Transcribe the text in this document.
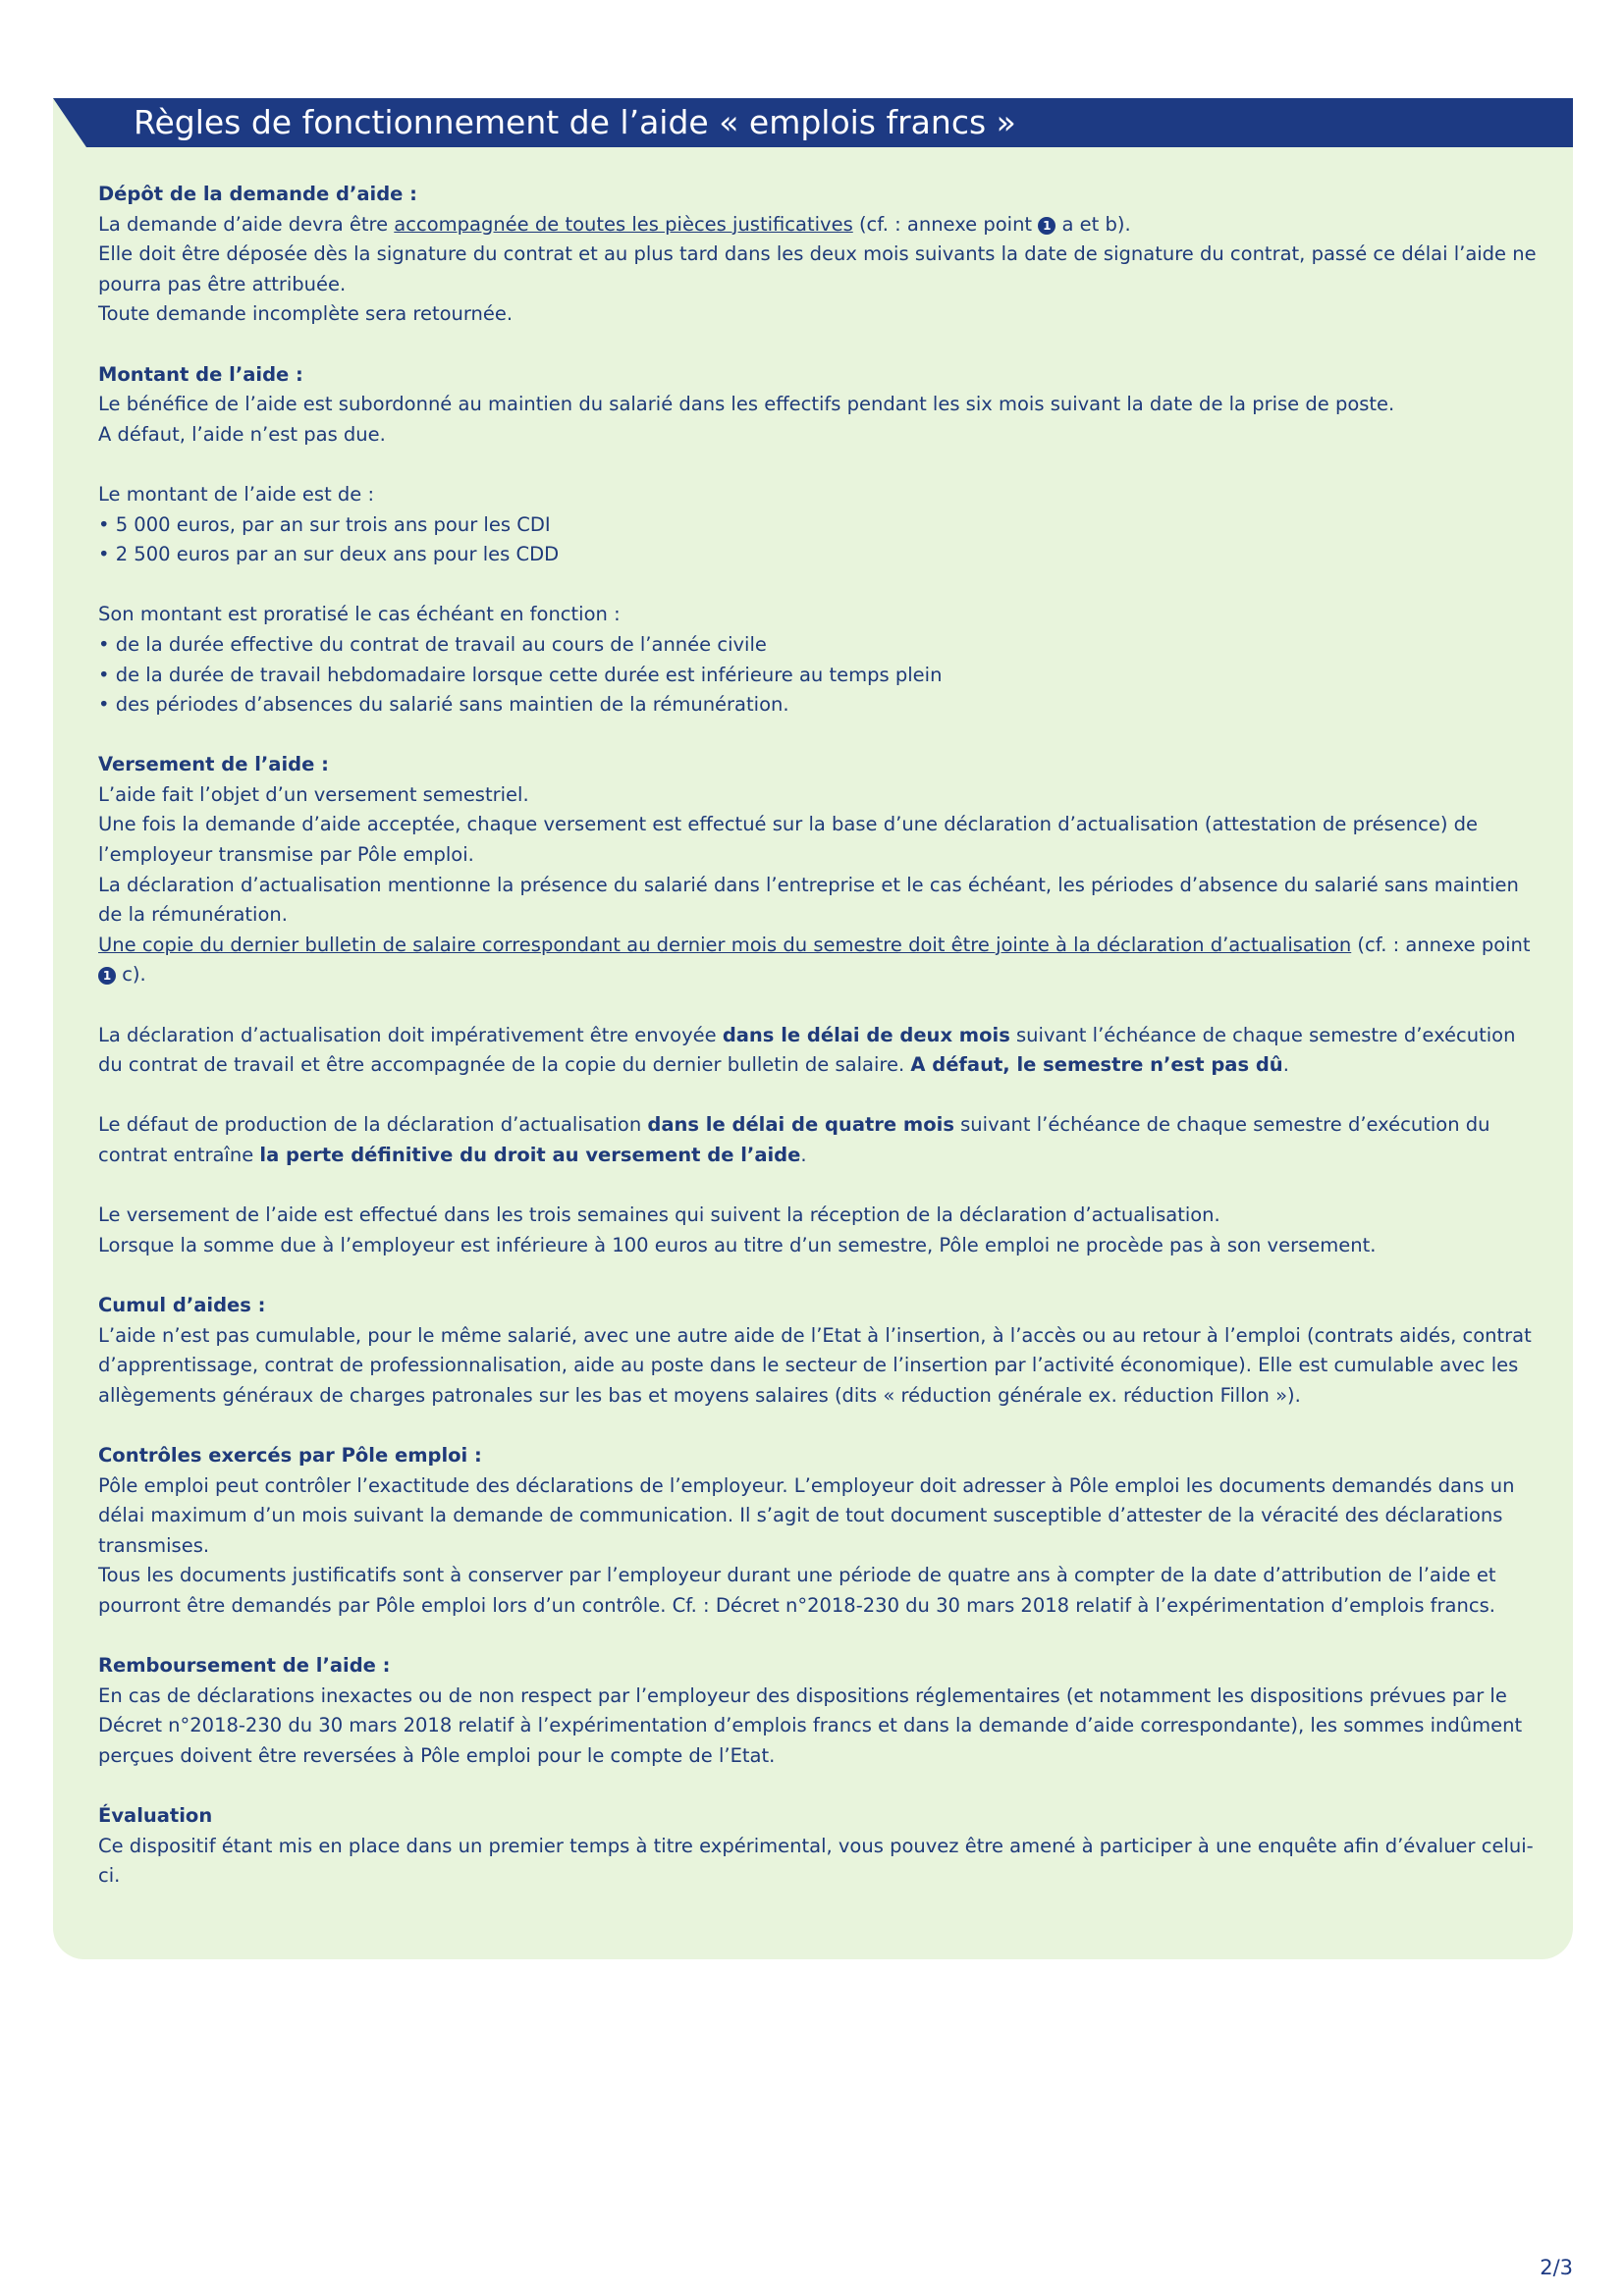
Règles de fonctionnement de l’aide « emplois francs »

Dépôt de la demande d’aide :

La demande d’aide devra être accompagnée de toutes les pièces justificatives (cf. : annexe point 1 a et b).

Elle doit être déposée dès la signature du contrat et au plus tard dans les deux mois suivants la date de signature du contrat, passé ce délai l’aide ne pourra pas être attribuée.

Toute demande incomplète sera retournée.

Montant de l’aide :

Le bénéfice de l’aide est subordonné au maintien du salarié dans les effectifs pendant les six mois suivant la date de la prise de poste.

A défaut, l’aide n’est pas due.

Le montant de l’aide est de :

• 5 000 euros, par an sur trois ans pour les CDI

• 2 500 euros par an sur deux ans pour les CDD

Son montant est proratisé le cas échéant en fonction :

• de la durée effective du contrat de travail au cours de l’année civile

• de la durée de travail hebdomadaire lorsque cette durée est inférieure au temps plein

• des périodes d’absences du salarié sans maintien de la rémunération.

Versement de l’aide :

L’aide fait l’objet d’un versement semestriel.

Une fois la demande d’aide acceptée, chaque versement est effectué sur la base d’une déclaration d’actualisation (attestation de présence) de l’employeur transmise par Pôle emploi.

La déclaration d’actualisation mentionne la présence du salarié dans l’entreprise et le cas échéant, les périodes d’absence du salarié sans maintien de la rémunération.

Une copie du dernier bulletin de salaire correspondant au dernier mois du semestre doit être jointe à la déclaration d’actualisation (cf. : annexe point 1 c).

La déclaration d’actualisation doit impérativement être envoyée dans le délai de deux mois suivant l’échéance de chaque semestre d’exécution du contrat de travail et être accompagnée de la copie du dernier bulletin de salaire. A défaut, le semestre n’est pas dû.

Le défaut de production de la déclaration d’actualisation dans le délai de quatre mois suivant l’échéance de chaque semestre d’exécution du contrat entraîne la perte définitive du droit au versement de l’aide.

Le versement de l’aide est effectué dans les trois semaines qui suivent la réception de la déclaration d’actualisation.

Lorsque la somme due à l’employeur est inférieure à 100 euros au titre d’un semestre, Pôle emploi ne procède pas à son versement.

Cumul d’aides :

L’aide n’est pas cumulable, pour le même salarié, avec une autre aide de l’Etat à l’insertion, à l’accès ou au retour à l’emploi (contrats aidés, contrat d’apprentissage, contrat de professionnalisation, aide au poste dans le secteur de l’insertion par l’activité économique). Elle est cumulable avec les allègements généraux de charges patronales sur les bas et moyens salaires (dits « réduction générale ex. réduction Fillon »).

Contrôles exercés par Pôle emploi :

Pôle emploi peut contrôler l’exactitude des déclarations de l’employeur. L’employeur doit adresser à Pôle emploi les documents demandés dans un délai maximum d’un mois suivant la demande de communication. Il s’agit de tout document susceptible d’attester de la véracité des déclarations transmises.

Tous les documents justificatifs sont à conserver par l’employeur durant une période de quatre ans à compter de la date d’attribution de l’aide et pourront être demandés par Pôle emploi lors d’un contrôle. Cf. : Décret n°2018-230 du 30 mars 2018 relatif à l’expérimentation d’emplois francs.

Remboursement de l’aide :

En cas de déclarations inexactes ou de non respect par l’employeur des dispositions réglementaires (et notamment les dispositions prévues par le Décret n°2018-230 du 30 mars 2018 relatif à l’expérimentation d’emplois francs et dans la demande d’aide correspondante), les sommes indûment perçues doivent être reversées à Pôle emploi pour le compte de l’Etat.

Évaluation

Ce dispositif étant mis en place dans un premier temps à titre expérimental, vous pouvez être amené à participer à une enquête afin d’évaluer celui-ci.

2/3
